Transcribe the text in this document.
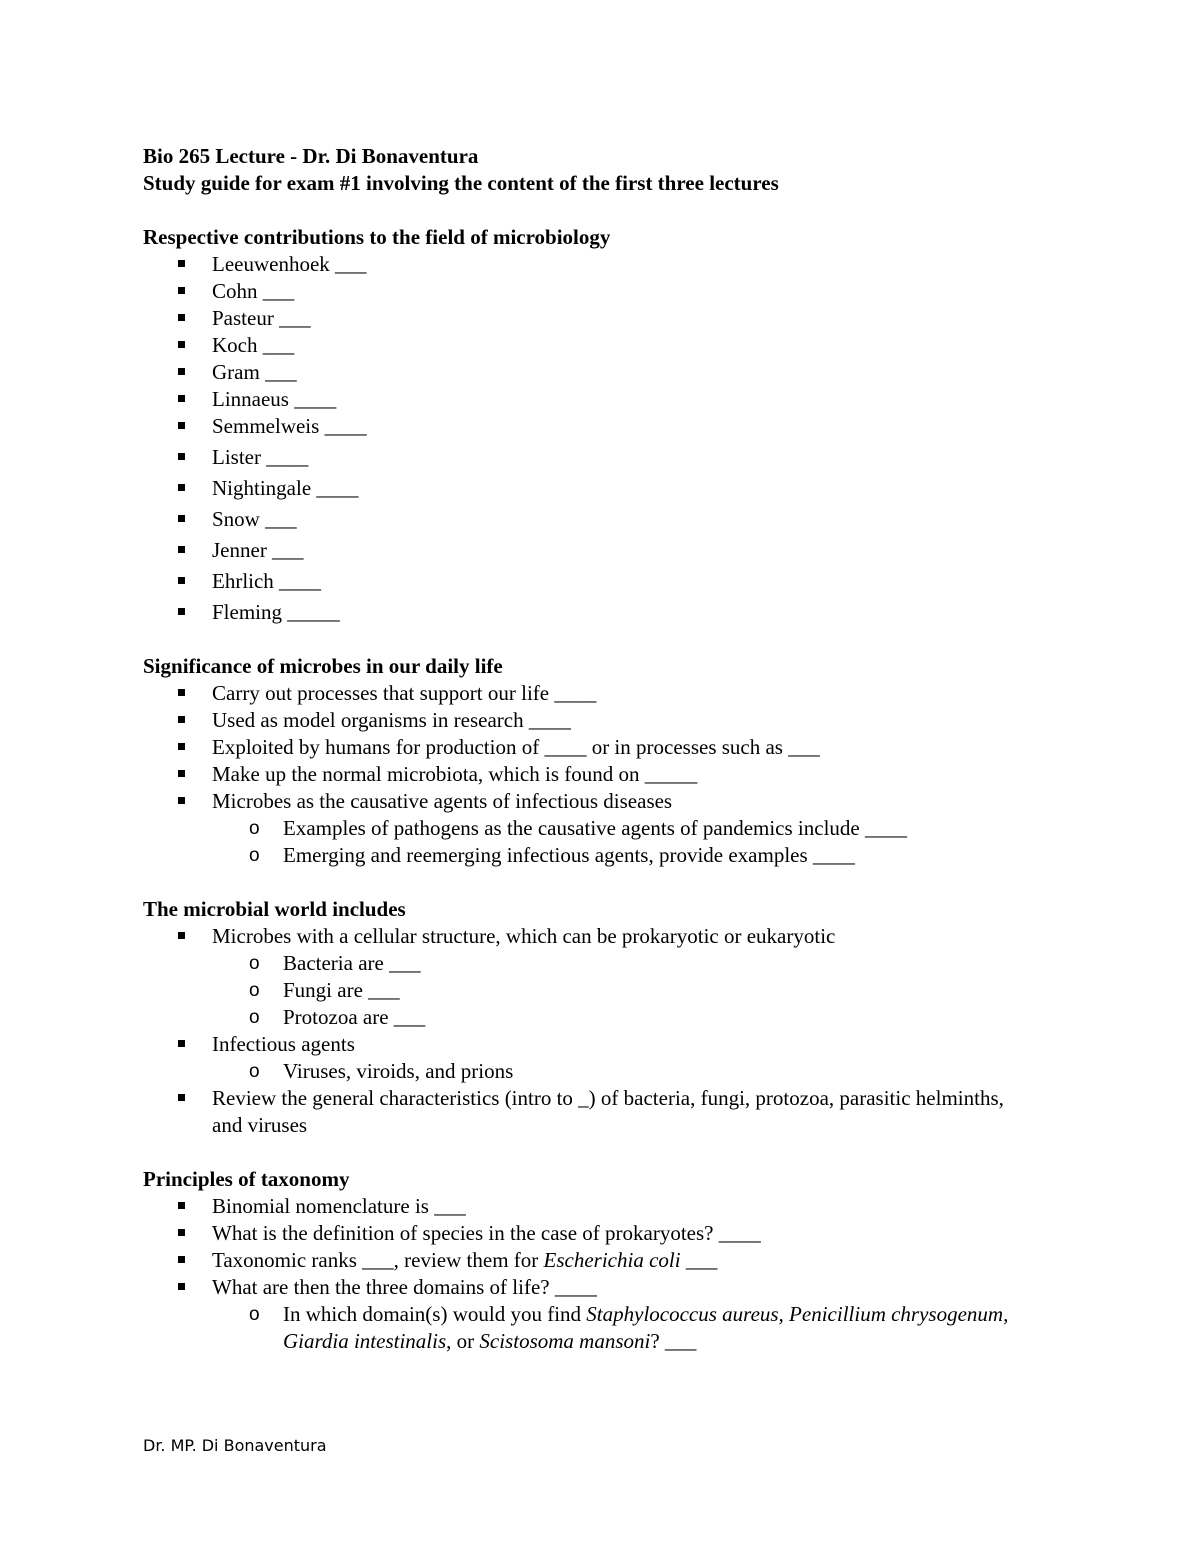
Bio 265 Lecture - Dr. Di Bonaventura

Study guide for exam #1 involving the content of the first three lectures

Respective contributions to the field of microbiology

Leeuwenhoek ___
Cohn ___
Pasteur ___
Koch ___
Gram ___
Linnaeus ____
Semmelweis ____
Lister ____
Nightingale ____
Snow ___
Jenner ___
Ehrlich ____
Fleming _____

Significance of microbes in our daily life

Carry out processes that support our life ____
Used as model organisms in research ____
Exploited by humans for production of ____ or in processes such as ___
Make up the normal microbiota, which is found on _____
Microbes as the causative agents of infectious diseases
o Examples of pathogens as the causative agents of pandemics include ____
o Emerging and reemerging infectious agents, provide examples ____

The microbial world includes

Microbes with a cellular structure, which can be prokaryotic or eukaryotic
o Bacteria are ___
o Fungi are ___
o Protozoa are ___
Infectious agents
o Viruses, viroids, and prions
Review the general characteristics (intro to _) of bacteria, fungi, protozoa, parasitic helminths, and viruses

Principles of taxonomy

Binomial nomenclature is ___
What is the definition of species in the case of prokaryotes? ____
Taxonomic ranks ___, review them for Escherichia coli ___
What are then the three domains of life? ____
o In which domain(s) would you find Staphylococcus aureus, Penicillium chrysogenum, Giardia intestinalis, or Scistosoma mansoni? ___
Dr. MP. Di Bonaventura
